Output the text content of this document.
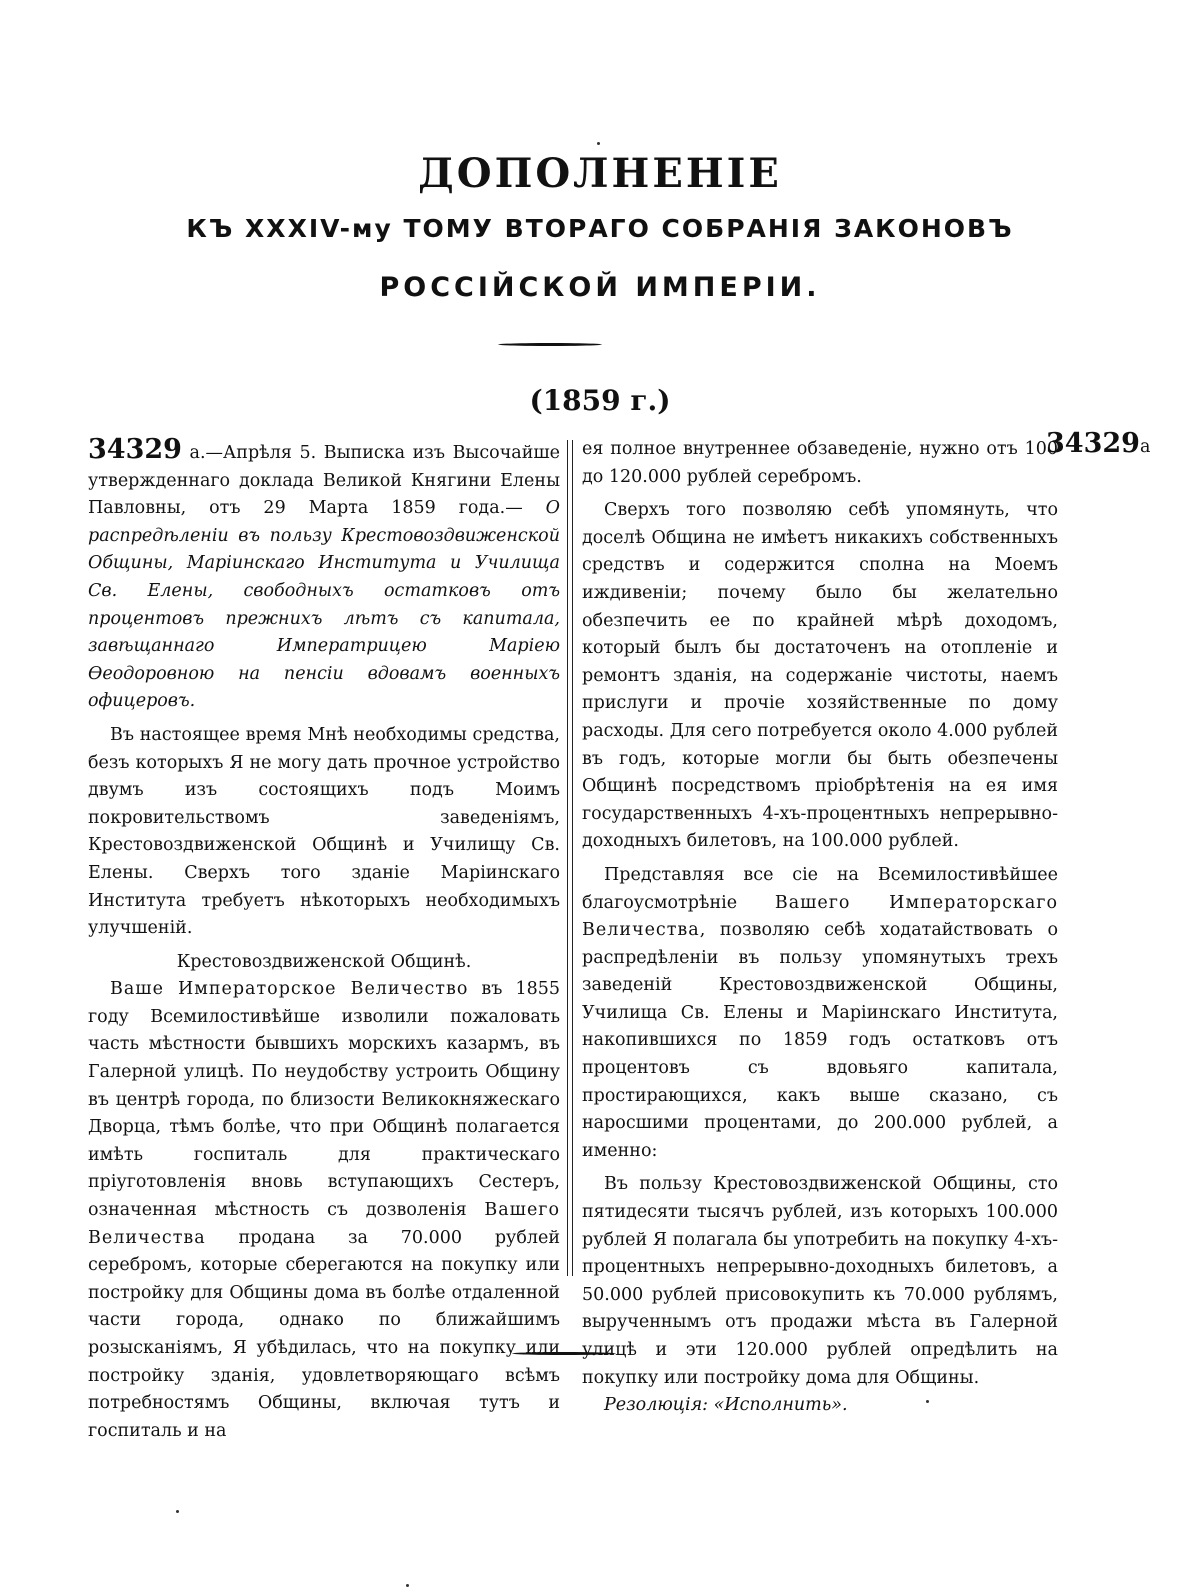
ДОПОЛНЕНІЕ
КЪ XXXIV-му ТОМУ ВТОРАГО СОБРАНІЯ ЗАКОНОВЪ
РОССІЙСКОЙ ИМПЕРІИ.
(1859 г.)

34329 а.—Апрѣля 5. Выписка изъ Высочайше утвержденнаго доклада Великой Княгини Елены Павловны, отъ 29 Марта 1859 года.— О распредѣленіи въ пользу Крестовоздвиженской Общины, Маріинскаго Института и Училища Св. Елены, свободныхъ остатковъ отъ процентовъ прежнихъ лѣтъ съ капитала, завѣщаннаго Императрицею Маріею Ѳеодоровною на пенсіи вдовамъ военныхъ офицеровъ.

Въ настоящее время Мнѣ необходимы средства, безъ которыхъ Я не могу дать прочное устройство двумъ изъ состоящихъ подъ Моимъ покровительствомъ заведеніямъ, Крестовоздвиженской Общинѣ и Училищу Св. Елены. Сверхъ того зданіе Маріинскаго Института требуетъ нѣкоторыхъ необходимыхъ улучшеній.

Крестовоздвиженской Общинѣ.

Ваше Императорское Величество въ 1855 году Всемилостивѣйше изволили пожаловать часть мѣстности бывшихъ морскихъ казармъ, въ Галерной улицѣ. По неудобству устроить Общину въ центрѣ города, по близости Великокняжескаго Дворца, тѣмъ болѣе, что при Общинѣ полагается имѣть госпиталь для практическаго пріуготовленія вновь вступающихъ Сестеръ, означенная мѣстность съ дозволенія Вашего Величества продана за 70.000 рублей серебромъ, которые сберегаются на покупку или постройку для Общины дома въ болѣе отдаленной части города, однако по ближайшимъ розысканіямъ, Я убѣдилась, что на покупку или постройку зданія, удовлетворяющаго всѣмъ потребностямъ Общины, включая тутъ и госпиталь и на

ея полное внутреннее обзаведеніе, нужно отъ 100 до 120.000 рублей серебромъ.

Сверхъ того позволяю себѣ упомянуть, что доселѣ Община не имѣетъ никакихъ собственныхъ средствъ и содержится сполна на Моемъ иждивеніи; почему было бы желательно обезпечить ее по крайней мѣрѣ доходомъ, который былъ бы достаточенъ на отопленіе и ремонтъ зданія, на содержаніе чистоты, наемъ прислуги и прочіе хозяйственные по дому расходы. Для сего потребуется около 4.000 рублей въ годъ, которые могли бы быть обезпечены Общинѣ посредствомъ пріобрѣтенія на ея имя государственныхъ 4-хъ-процентныхъ непрерывно-доходныхъ билетовъ, на 100.000 рублей.

Представляя все сіе на Всемилостивѣйшее благоусмотрѣніе Вашего Императорскаго Величества, позволяю себѣ ходатайствовать о распредѣленіи въ пользу упомянутыхъ трехъ заведеній Крестовоздвиженской Общины, Училища Св. Елены и Маріинскаго Института, накопившихся по 1859 годъ остатковъ отъ процентовъ съ вдовьяго капитала, простирающихся, какъ выше сказано, съ наросшими процентами, до 200.000 рублей, а именно:

Въ пользу Крестовоздвиженской Общины, сто пятидесяти тысячъ рублей, изъ которыхъ 100.000 рублей Я полагала бы употребить на покупку 4-хъ-процентныхъ непрерывно-доходныхъ билетовъ, а 50.000 рублей присовокупить къ 70.000 рублямъ, вырученнымъ отъ продажи мѣста въ Галерной улицѣ и эти 120.000 рублей опредѣлить на покупку или постройку дома для Общины.

Резолюція: «Исполнить».

34329а
